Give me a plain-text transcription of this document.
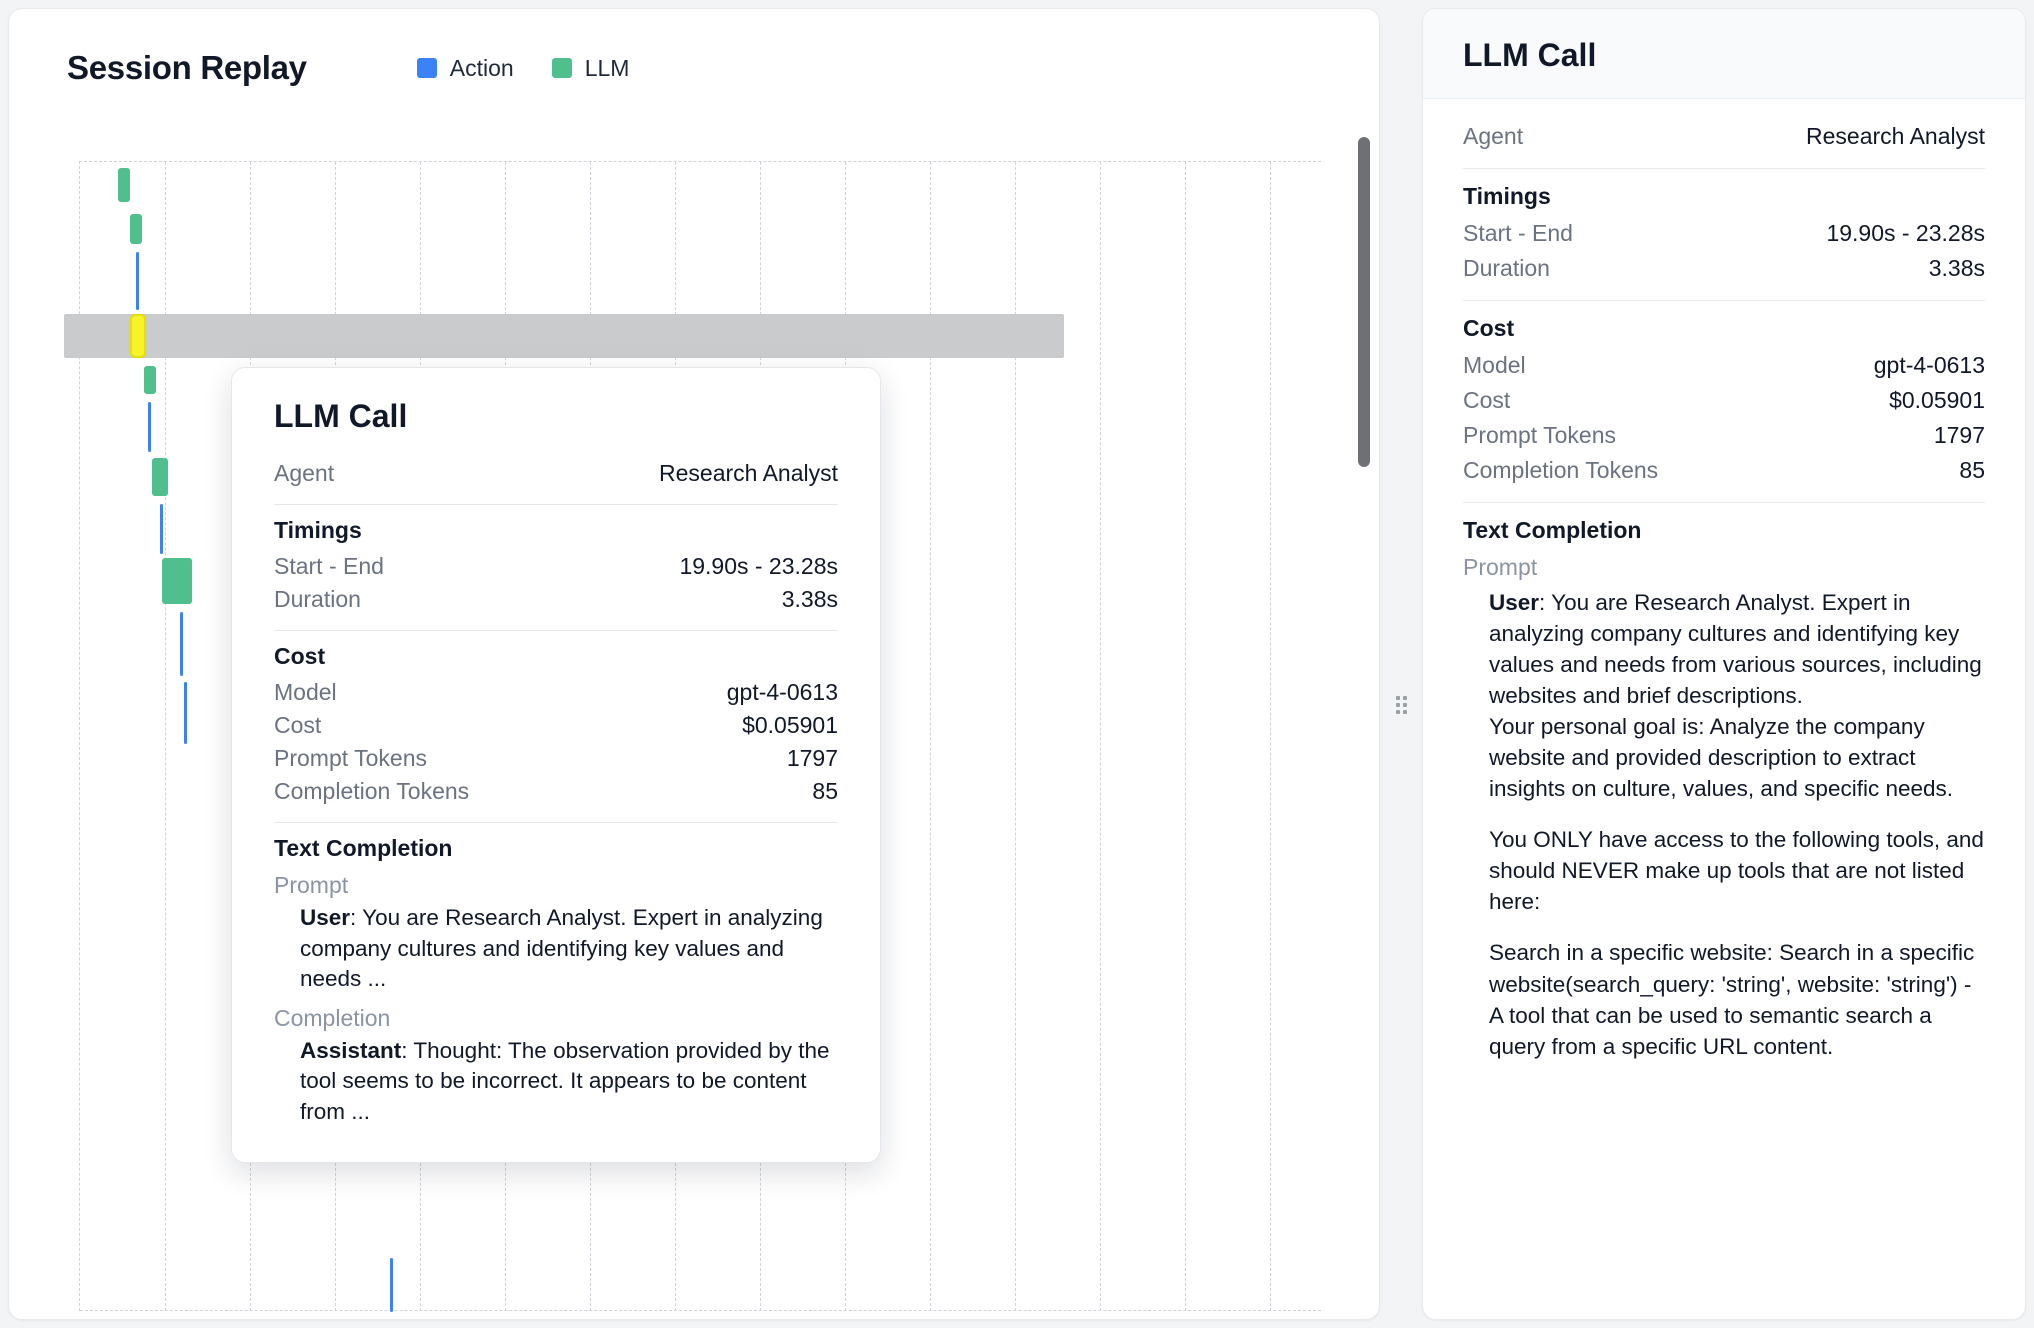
Session Replay	Action	LLM
LLM Call
Agent	Research Analyst
Timings
Start - End	19.90s - 23.28s
Duration	3.38s
Cost
Model	gpt-4-0613
Cost	$0.05901
Prompt Tokens	1797
Completion Tokens	85
Text Completion
Prompt
User: You are Research Analyst. Expert in analyzing company cultures and identifying key values and needs ...
Completion
Assistant: Thought: The observation provided by the tool seems to be incorrect. It appears to be content from ...
LLM Call
Agent	Research Analyst
Timings
Start - End	19.90s - 23.28s
Duration	3.38s
Cost
Model	gpt-4-0613
Cost	$0.05901
Prompt Tokens	1797
Completion Tokens	85
Text Completion
Prompt

User: You are Research Analyst. Expert in analyzing company cultures and identifying key values and needs from various sources, including websites and brief descriptions.
Your personal goal is: Analyze the company website and provided description to extract insights on culture, values, and specific needs.

You ONLY have access to the following tools, and should NEVER make up tools that are not listed here:

Search in a specific website: Search in a specific website(search_query: 'string', website: 'string') - A tool that can be used to semantic search a query from a specific URL content.
